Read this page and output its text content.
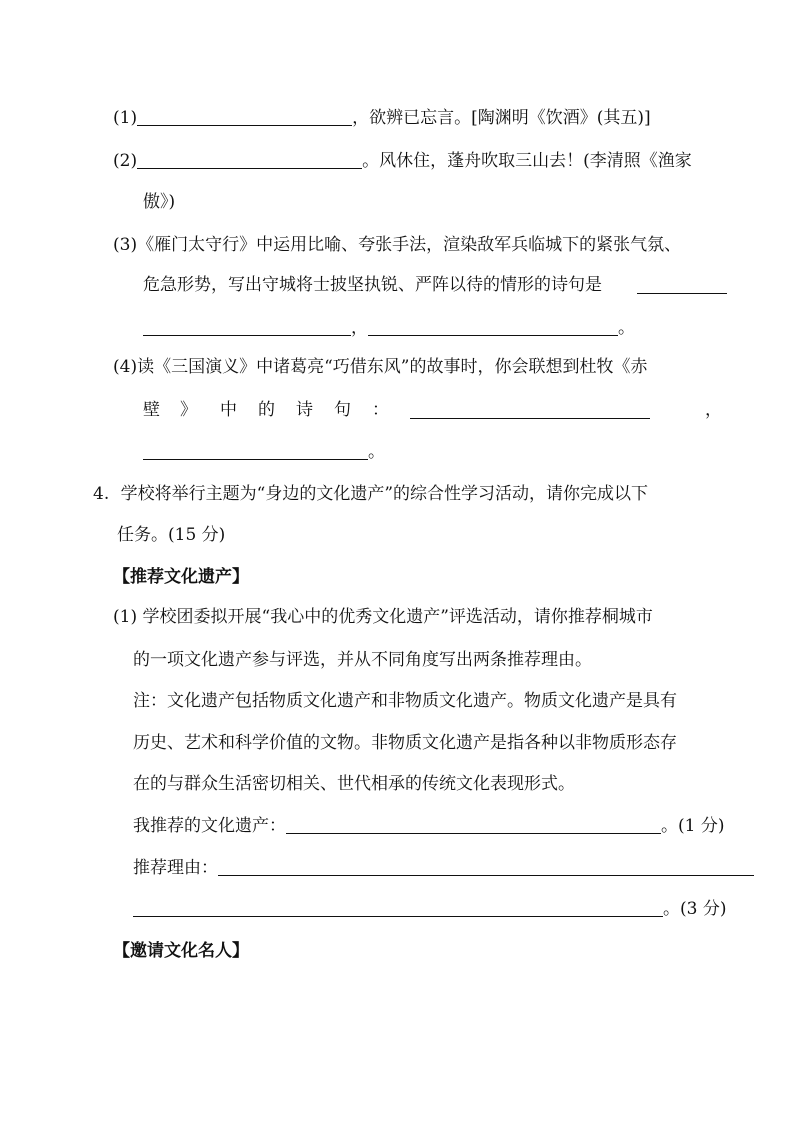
(1)	，欲辨已忘言。[陶渊明《饮酒》(其五)]
(2)	。风休住，蓬舟吹取三山去！(李清照《渔家
傲》)
(3)《雁门太守行》中运用比喻、夸张手法，渲染敌军兵临城下的紧张气氛、
危急形势，写出守城将士披坚执锐、严阵以待的情形的诗句是
，	。
(4)读《三国演义》中诸葛亮“巧借东风”的故事时，你会联想到杜牧《赤
壁 》 中 的 诗 句 ：	，
。
4. 学校将举行主题为“身边的文化遗产”的综合性学习活动，请你完成以下
任务。(15 分)
【推荐文化遗产】
(1) 学校团委拟开展“我心中的优秀文化遗产”评选活动，请你推荐桐城市
的一项文化遗产参与评选，并从不同角度写出两条推荐理由。
注：文化遗产包括物质文化遗产和非物质文化遗产。物质文化遗产是具有
历史、艺术和科学价值的文物。非物质文化遗产是指各种以非物质形态存
在的与群众生活密切相关、世代相承的传统文化表现形式。
我推荐的文化遗产：	。(1 分)
推荐理由：
。(3 分)
【邀请文化名人】
